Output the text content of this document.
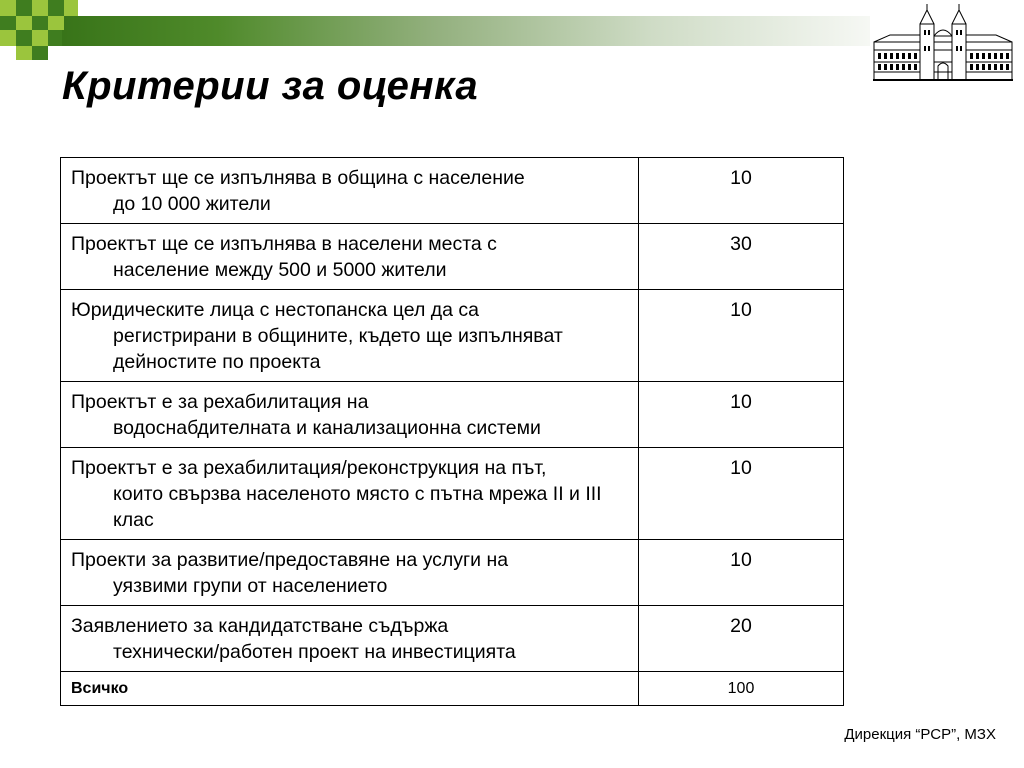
Критерии за оценка
Проектът ще се изпълнява в община с население
до 10 000 жители	10

Проектът ще се изпълнява в населени места с
население между 500 и 5000 жители	30

Юридическите лица с нестопанска цел да са
регистрирани в общините, където ще изпълняват дейностите по проекта	10

Проектът е за рехабилитация на
водоснабдителната и канализационна системи	10

Проектът е за рехабилитация/реконструкция на път,
които свързва населеното място с пътна мрежа II и III клас	10

Проекти за развитие/предоставяне на услуги на
уязвими групи от населението	10

Заявлението за кандидатстване съдържа
технически/работен проект на инвестицията	20
Всичко	100
Дирекция “РСР”, МЗХ
